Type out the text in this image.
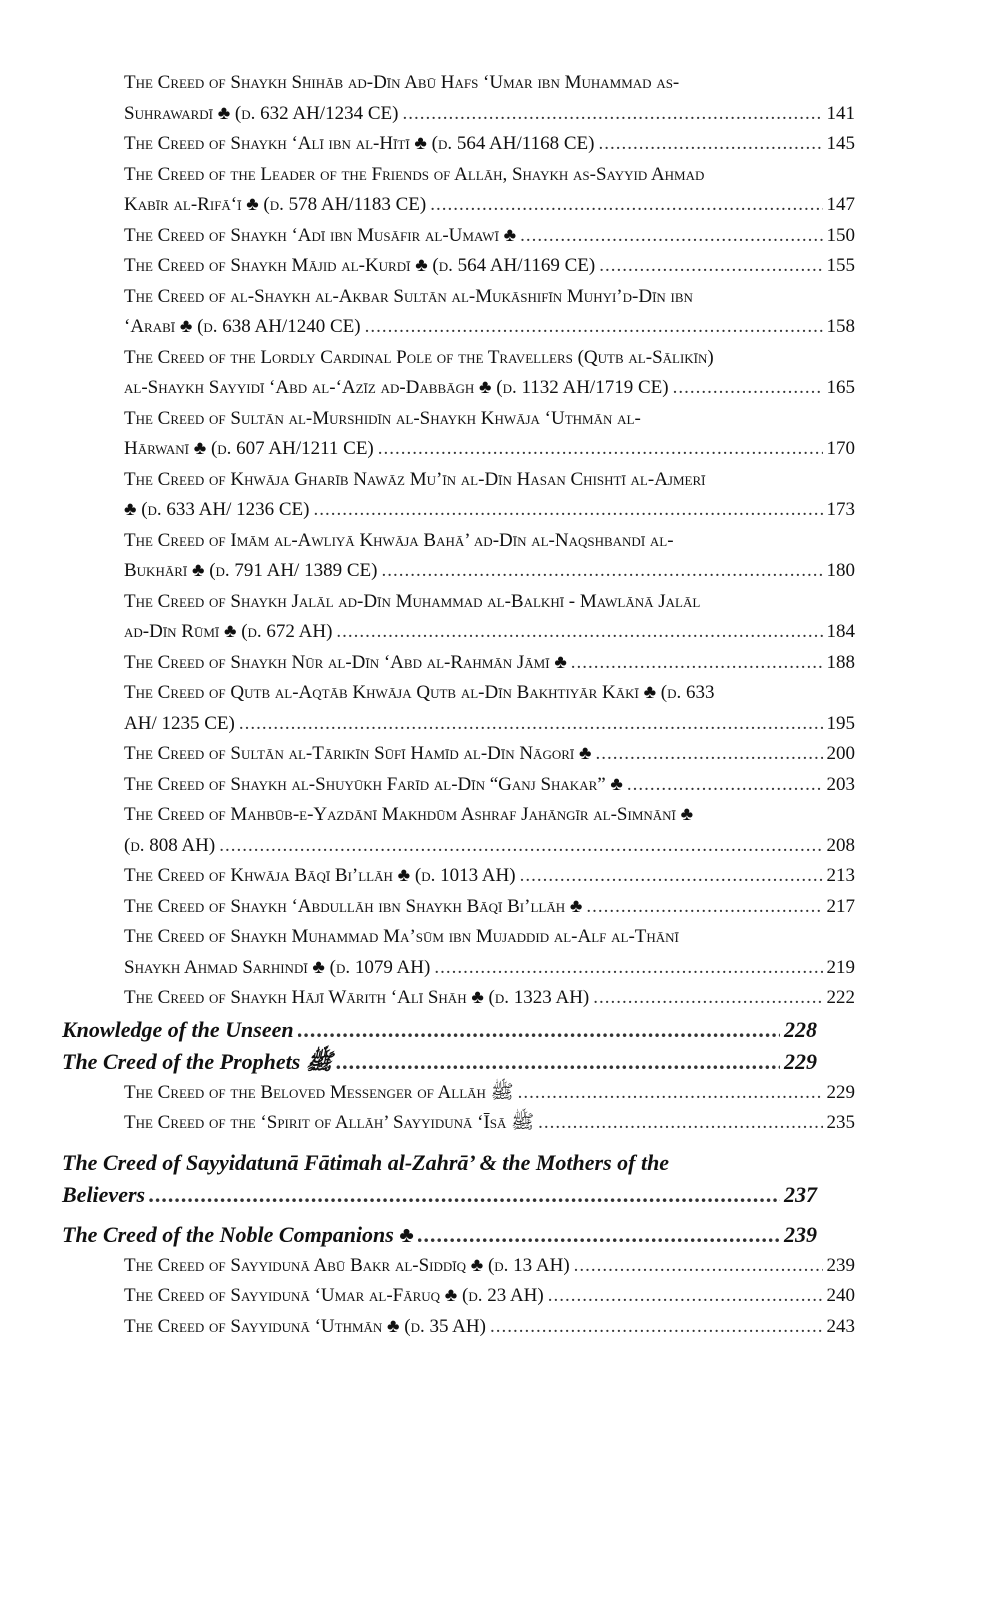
The Creed of Shaykh Shihāb ad-Dīn Abū Hafs ‘Umar ibn Muhammad as-
Suhrawardī ♣ (d. 632 AH/1234 CE) .....	141
The Creed of Shaykh ‘Alī ibn al-Hītī ♣ (d. 564 AH/1168 CE) .....	145
The Creed of the Leader of the Friends of Allāh, Shaykh as-Sayyid Ahmad
Kabīr al-Rifā‘ī ♣ (d. 578 AH/1183 CE) .....	147
The Creed of Shaykh ‘Adī ibn Musāfir al-Umawī ♣ .....	150
The Creed of Shaykh Mājid al-Kurdī ♣ (d. 564 AH/1169 CE) .....	155
The Creed of al-Shaykh al-Akbar Sultān al-Mukāshifīn Muhyi’d-Dīn ibn
‘Arabī ♣ (d. 638 AH/1240 CE) .....	158
The Creed of the Lordly Cardinal Pole of the Travellers (Qutb al-Sālikīn)
al-Shaykh Sayyidī ‘Abd al-‘Azīz ad-Dabbāgh ♣ (d. 1132 AH/1719 CE) .....	165
The Creed of Sultān al-Murshidīn al-Shaykh Khwāja ‘Uthmān al-
Hārwanī ♣ (d. 607 AH/1211 CE) .....	170
The Creed of Khwāja Gharīb Nawāz Mu’īn al-Dīn Hasan Chishtī al-Ajmerī
♣ (d. 633 AH/ 1236 CE) .....	173
The Creed of Imām al-Awliyā Khwāja Bahā’ ad-Dīn al-Naqshbandī al-
Bukhārī ♣ (d. 791 AH/ 1389 CE) .....	180
The Creed of Shaykh Jalāl ad-Dīn Muhammad al-Balkhī - Mawlānā Jalāl
ad-Dīn Rūmī ♣ (d. 672 AH) .....	184
The Creed of Shaykh Nūr al-Dīn ‘Abd al-Rahmān Jāmī ♣ .....	188
The Creed of Qutb al-Aqtāb Khwāja Qutb al-Dīn Bakhtiyār Kākī ♣ (d. 633
AH/ 1235 CE) .....	195
The Creed of Sultān al-Tārikīn Sūfī Hamīd al-Dīn Nāgorī ♣ .....	200
The Creed of Shaykh al-Shuyūkh Farīd al-Dīn “Ganj Shakar” ♣ .....	203
The Creed of Mahbūb-e-Yazdānī Makhdūm Ashraf Jahāngīr al-Simnānī ♣
(d. 808 AH) .....	208
The Creed of Khwāja Bāqī Bi’llāh ♣ (d. 1013 AH) .....	213
The Creed of Shaykh ‘Abdullāh ibn Shaykh Bāqī Bi’llāh ♣ .....	217
The Creed of Shaykh Muhammad Ma’sūm ibn Mujaddid al-Alf al-Thānī
Shaykh Ahmad Sarhindī ♣ (d. 1079 AH) .....	219
The Creed of Shaykh Hājī Wārith ‘Alī Shāh ♣ (d. 1323 AH) .....	222
Knowledge of the Unseen .....	228
The Creed of the Prophets ﷺ .....	229
The Creed of the Beloved Messenger of Allāh ﷺ .....	229
The Creed of the ‘Spirit of Allāh’ Sayyidunā ‘Īsā ﷺ .....	235
The Creed of Sayyidatunā Fātimah al-Zahrā’ & the Mothers of the
Believers .....	237
The Creed of the Noble Companions ♣ .....	239
The Creed of Sayyidunā Abū Bakr al-Siddīq ♣ (d. 13 AH) .....	239
The Creed of Sayyidunā ‘Umar al-Fāruq ♣ (d. 23 AH) .....	240
The Creed of Sayyidunā ‘Uthmān ♣ (d. 35 AH) .....	243
